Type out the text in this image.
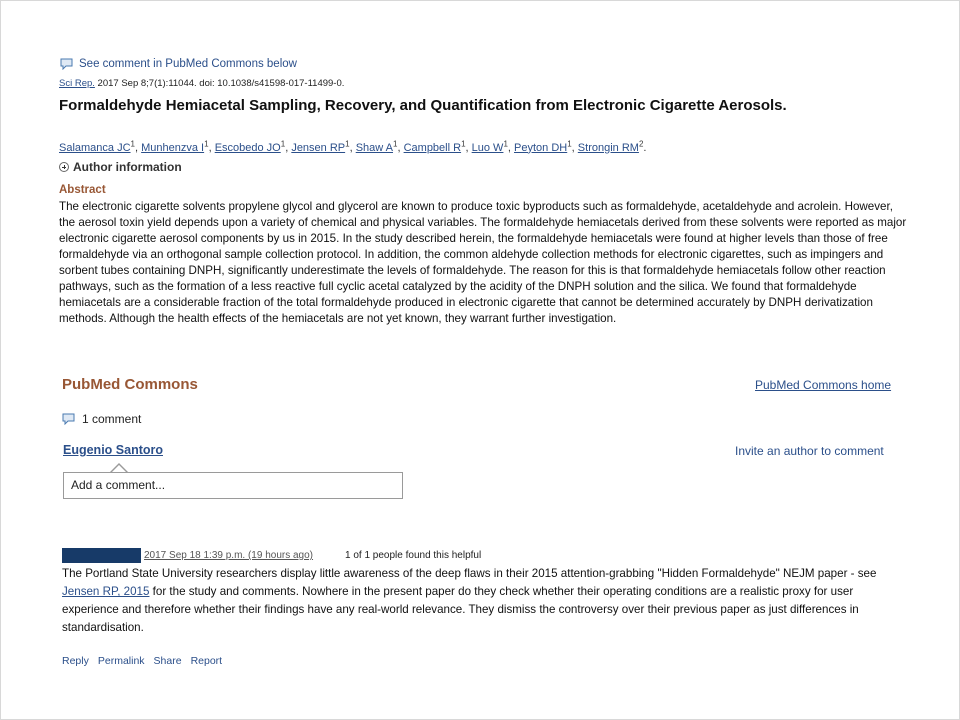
See comment in PubMed Commons below
Sci Rep. 2017 Sep 8;7(1):11044. doi: 10.1038/s41598-017-11499-0.
Formaldehyde Hemiacetal Sampling, Recovery, and Quantification from Electronic Cigarette Aerosols.
Salamanca $JC^1$, Munhenzva $I^1$, Escobedo $JO^1$, Jensen $RP^1$, Shaw $A^1$, Campbell $R^1$, Luo $W^1$, Peyton $DH^1$, Strongin $RM^2$.
Author information
Abstract
The electronic cigarette solvents propylene glycol and glycerol are known to produce toxic byproducts such as formaldehyde, acetaldehyde and acrolein. However, the aerosol toxin yield depends upon a variety of chemical and physical variables. The formaldehyde hemiacetals derived from these solvents were reported as major electronic cigarette aerosol components by us in 2015. In the study described herein, the formaldehyde hemiacetals were found at higher levels than those of free formaldehyde via an orthogonal sample collection protocol. In addition, the common aldehyde collection methods for electronic cigarettes, such as impingers and sorbent tubes containing DNPH, significantly underestimate the levels of formaldehyde. The reason for this is that formaldehyde hemiacetals follow other reaction pathways, such as the formation of a less reactive full cyclic acetal catalyzed by the acidity of the DNPH solution and the silica. We found that formaldehyde hemiacetals are a considerable fraction of the total formaldehyde produced in electronic cigarette that cannot be determined accurately by DNPH derivatization methods. Although the health effects of the hemiacetals are not yet known, they warrant further investigation.
PubMed Commons	PubMed Commons home
1 comment
Eugenio Santoro	Invite an author to comment
Add a comment...
2017 Sep 18 1:39 p.m. (19 hours ago)	1 of 1 people found this helpful
The Portland State University researchers display little awareness of the deep flaws in their 2015 attention-grabbing "Hidden Formaldehyde" NEJM paper - see Jensen RP, 2015 for the study and comments. Nowhere in the present paper do they check whether their operating conditions are a realistic proxy for user experience and therefore whether their findings have any real-world relevance. They dismiss the controversy over their previous paper as just differences in standardisation.
Reply Permalink Share Report
